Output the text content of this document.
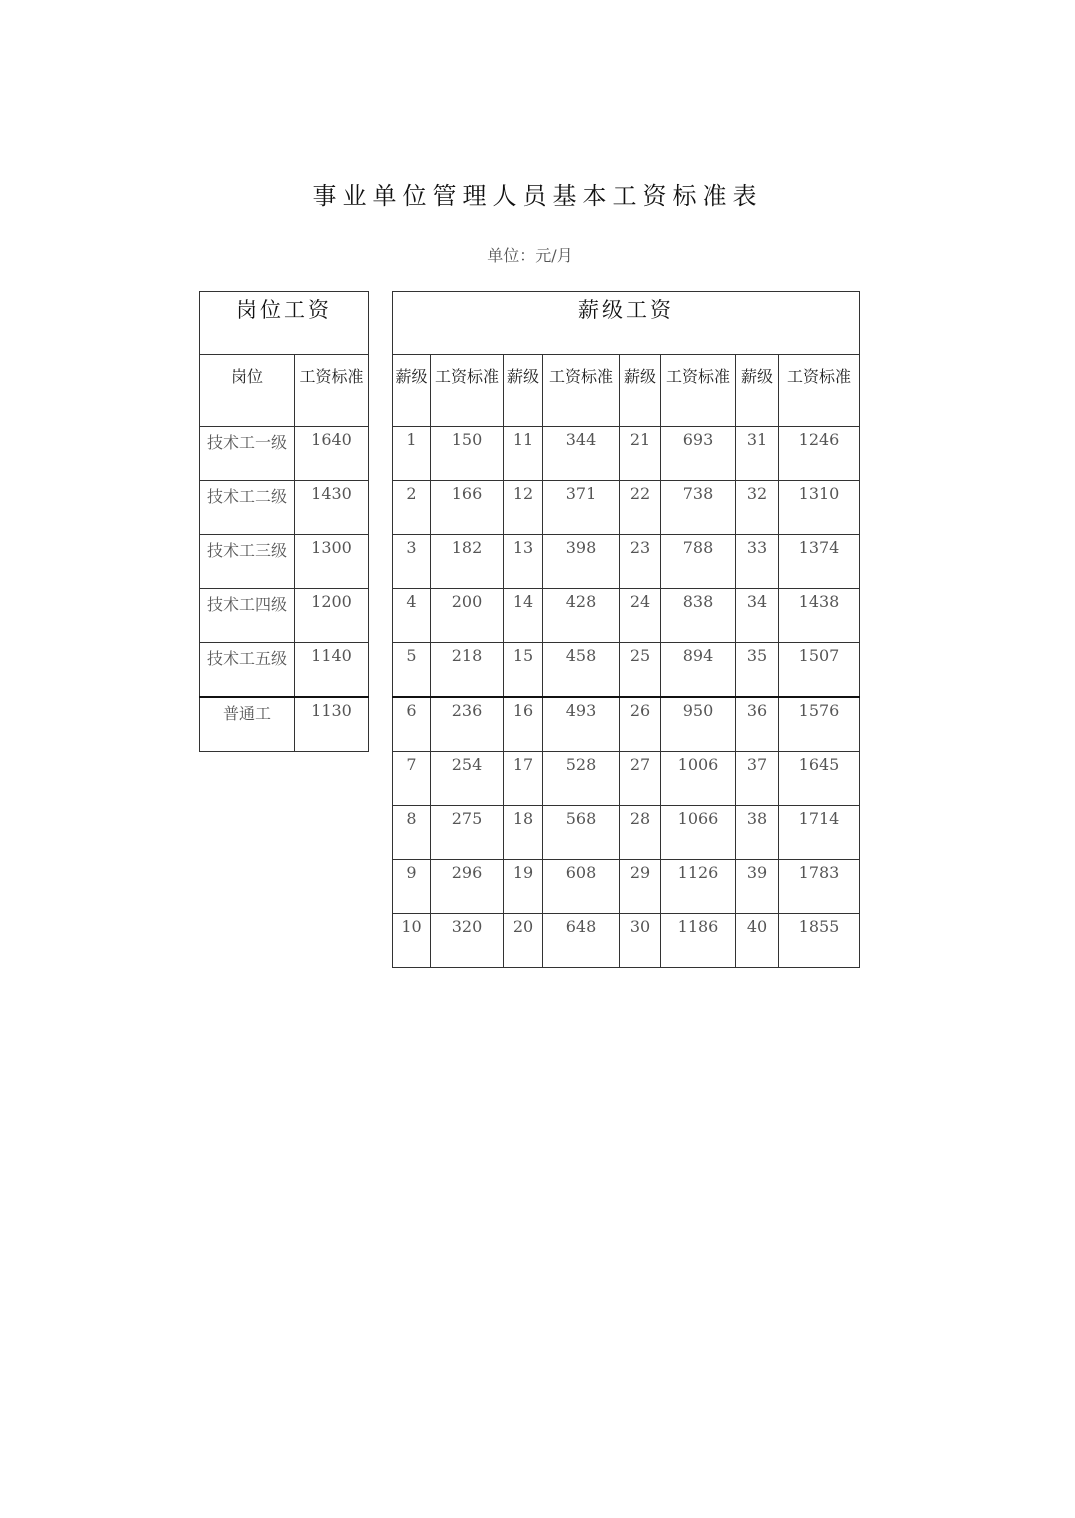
事业单位管理人员基本工资标准表
单位：元/月
岗位工资	
岗位	工资标准
技术工一级	1640
技术工二级	1430
技术工三级	1300
技术工四级	1200
技术工五级	1140
普通工	1130
薪级工资							
薪级	工资标准	薪级	工资标准	薪级	工资标准	薪级	工资标准
1	150	11	344	21	693	31	1246
2	166	12	371	22	738	32	1310
3	182	13	398	23	788	33	1374
4	200	14	428	24	838	34	1438
5	218	15	458	25	894	35	1507
6	236	16	493	26	950	36	1576
7	254	17	528	27	1006	37	1645
8	275	18	568	28	1066	38	1714
9	296	19	608	29	1126	39	1783
10	320	20	648	30	1186	40	1855
